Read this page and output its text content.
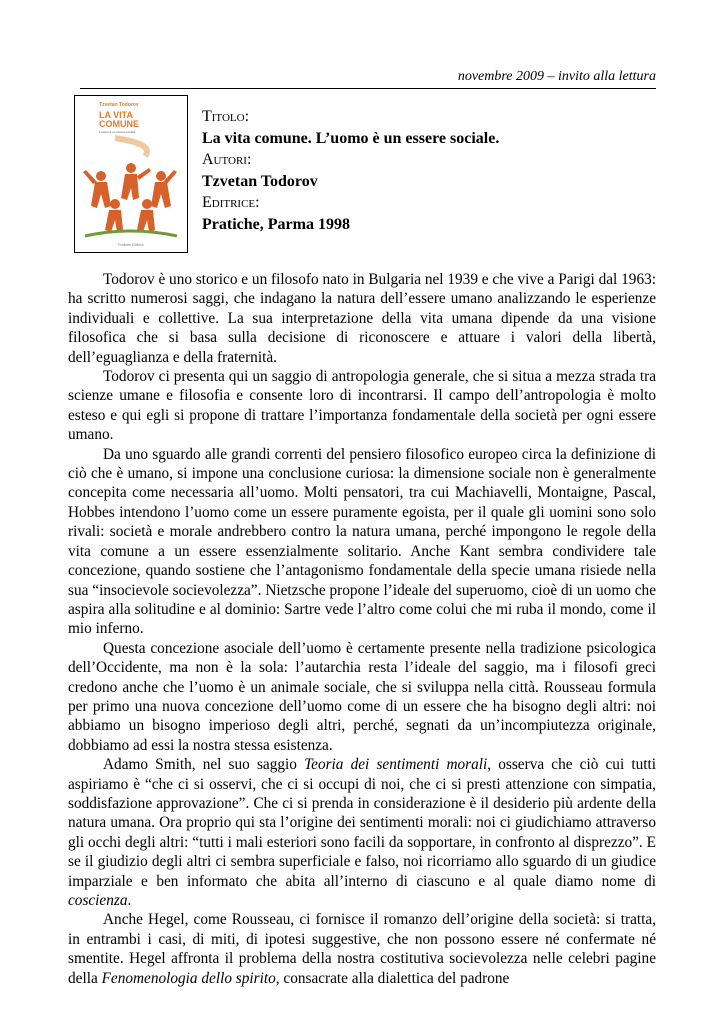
novembre 2009 – invito alla lettura
Tzvetan Todorov
LA VITA
COMUNE
L'uomo è un essere sociale
Pratiche Editrice
Titolo:
La vita comune. L’uomo è un essere sociale.
Autori:
Tzvetan Todorov
Editrice:
Pratiche, Parma 1998

Todorov è uno storico e un filosofo nato in Bulgaria nel 1939 e che vive a Parigi dal 1963: ha scritto numerosi saggi, che indagano la natura dell’essere umano analizzando le esperienze individuali e collettive. La sua interpretazione della vita umana dipende da una visione filosofica che si basa sulla decisione di riconoscere e attuare i valori della libertà, dell’eguaglianza e della fraternità.

Todorov ci presenta qui un saggio di antropologia generale, che si situa a mezza strada tra scienze umane e filosofia e consente loro di incontrarsi. Il campo dell’antropologia è molto esteso e qui egli si propone di trattare l’importanza fondamentale della società per ogni essere umano.

Da uno sguardo alle grandi correnti del pensiero filosofico europeo circa la definizione di ciò che è umano, si impone una conclusione curiosa: la dimensione sociale non è generalmente concepita come necessaria all’uomo. Molti pensatori, tra cui Machiavelli, Montaigne, Pascal, Hobbes intendono l’uomo come un essere puramente egoista, per il quale gli uomini sono solo rivali: società e morale andrebbero contro la natura umana, perché impongono le regole della vita comune a un essere essenzialmente solitario. Anche Kant sembra condividere tale concezione, quando sostiene che l’antagonismo fondamentale della specie umana risiede nella sua “insocievole socievolezza”. Nietzsche propone l’ideale del superuomo, cioè di un uomo che aspira alla solitudine e al dominio: Sartre vede l’altro come colui che mi ruba il mondo, come il mio inferno.

Questa concezione asociale dell’uomo è certamente presente nella tradizione psicologica dell’Occidente, ma non è la sola: l’autarchia resta l’ideale del saggio, ma i filosofi greci credono anche che l’uomo è un animale sociale, che si sviluppa nella città. Rousseau formula per primo una nuova concezione dell’uomo come di un essere che ha bisogno degli altri: noi abbiamo un bisogno imperioso degli altri, perché, segnati da un’incompiutezza originale, dobbiamo ad essi la nostra stessa esistenza.

Adamo Smith, nel suo saggio Teoria dei sentimenti morali, osserva che ciò cui tutti aspiriamo è “che ci si osservi, che ci si occupi di noi, che ci si presti attenzione con simpatia, soddisfazione approvazione”. Che ci si prenda in considerazione è il desiderio più ardente della natura umana. Ora proprio qui sta l’origine dei sentimenti morali: noi ci giudichiamo attraverso gli occhi degli altri: “tutti i mali esteriori sono facili da sopportare, in confronto al disprezzo”. E se il giudizio degli altri ci sembra superficiale e falso, noi ricorriamo allo sguardo di un giudice imparziale e ben informato che abita all’interno di ciascuno e al quale diamo nome di coscienza.

Anche Hegel, come Rousseau, ci fornisce il romanzo dell’origine della società: si tratta, in entrambi i casi, di miti, di ipotesi suggestive, che non possono essere né confermate né smentite. Hegel affronta il problema della nostra costitutiva socievolezza nelle celebri pagine della Fenomenologia dello spirito, consacrate alla dialettica del padrone
